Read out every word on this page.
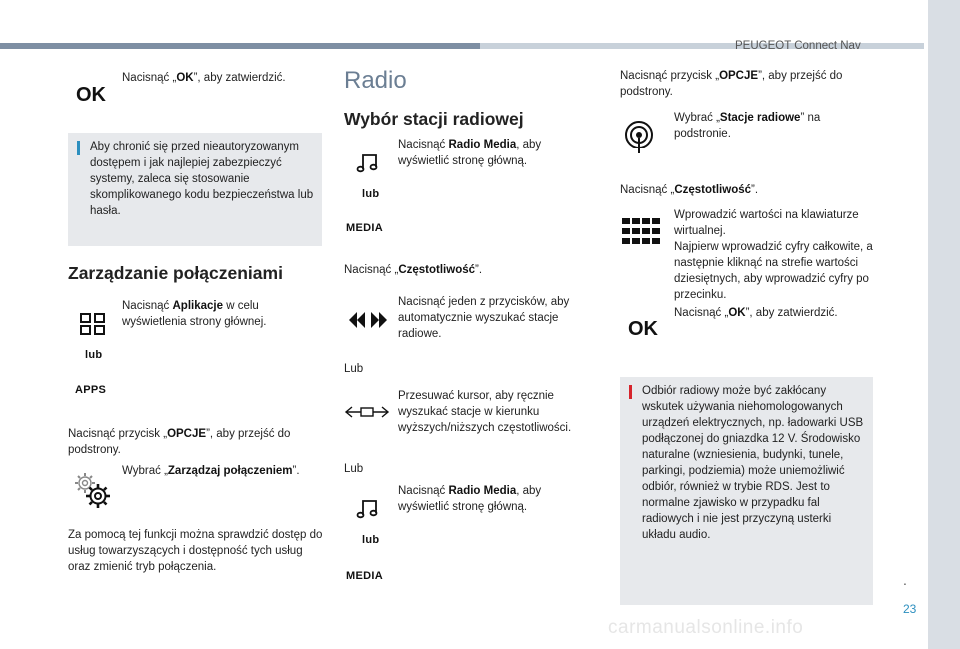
PEUGEOT Connect Nav
.
23
carmanualsonline.info
OK
Nacisnąć „OK”, aby zatwierdzić.
Aby chronić się przed nieautoryzowanym dostępem i jak najlepiej zabezpieczyć systemy, zaleca się stosowanie skomplikowanego kodu bezpieczeństwa lub hasła.
Zarządzanie połączeniami
Nacisnąć Aplikacje w celu wyświetlenia strony głównej.
lub
APPS
Nacisnąć przycisk „OPCJE”, aby przejść do podstrony.
Wybrać „Zarządzaj połączeniem”.
Za pomocą tej funkcji można sprawdzić dostęp do usług towarzyszących i dostępność tych usług oraz zmienić tryb połączenia.
Radio
Wybór stacji radiowej
Nacisnąć Radio Media, aby wyświetlić stronę główną.
lub
MEDIA
Nacisnąć „Częstotliwość”.
Nacisnąć jeden z przycisków, aby automatycznie wyszukać stacje radiowe.
Lub
Przesuwać kursor, aby ręcznie wyszukać stacje w kierunku wyższych/niższych częstotliwości.
Lub
Nacisnąć Radio Media, aby wyświetlić stronę główną.
lub
MEDIA
Nacisnąć przycisk „OPCJE”, aby przejść do podstrony.
Wybrać „Stacje radiowe” na podstronie.
Nacisnąć „Częstotliwość”.
Wprowadzić wartości na klawiaturze wirtualnej.
Najpierw wprowadzić cyfry całkowite, a następnie kliknąć na strefie wartości dziesiętnych, aby wprowadzić cyfry po przecinku.
OK
Nacisnąć „OK”, aby zatwierdzić.
Odbiór radiowy może być zakłócany wskutek używania niehomologowanych urządzeń elektrycznych, np. ładowarki USB podłączonej do gniazdka 12 V. Środowisko naturalne (wzniesienia, budynki, tunele, parkingi, podziemia) może uniemożliwić odbiór, również w trybie RDS. Jest to normalne zjawisko w przypadku fal radiowych i nie jest przyczyną usterki układu audio.
